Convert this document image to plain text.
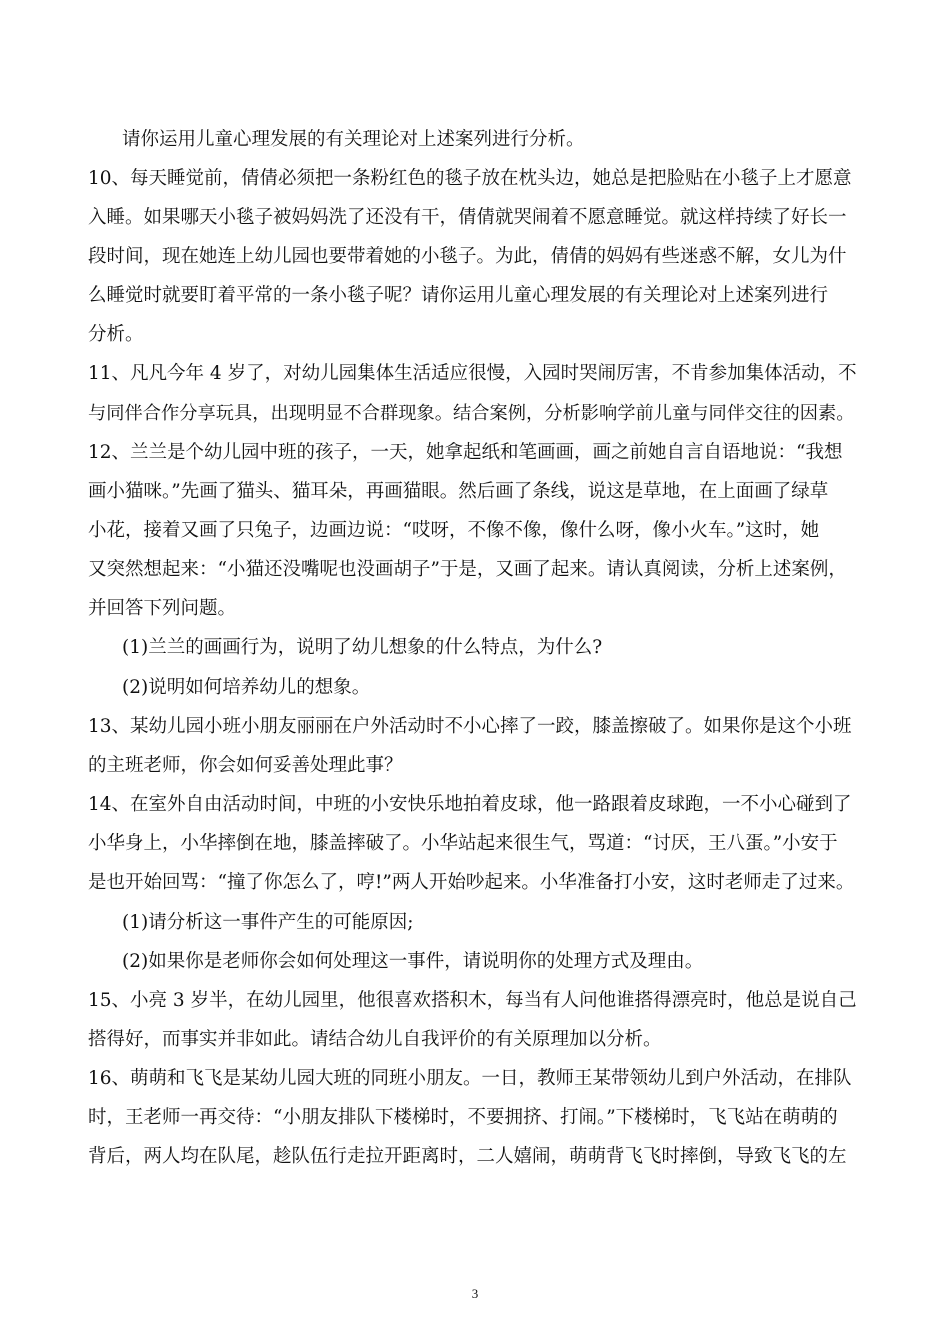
请你运用儿童心理发展的有关理论对上述案列进行分析。
10、每天睡觉前，倩倩必须把一条粉红色的毯子放在枕头边，她总是把脸贴在小毯子上才愿意
入睡。如果哪天小毯子被妈妈洗了还没有干，倩倩就哭闹着不愿意睡觉。就这样持续了好长一
段时间，现在她连上幼儿园也要带着她的小毯子。为此，倩倩的妈妈有些迷惑不解，女儿为什
么睡觉时就要盯着平常的一条小毯子呢？请你运用儿童心理发展的有关理论对上述案列进行
分析。
11、凡凡今年 4 岁了，对幼儿园集体生活适应很慢，入园时哭闹厉害，不肯参加集体活动，不
与同伴合作分享玩具，出现明显不合群现象。结合案例，分析影响学前儿童与同伴交往的因素。
12、兰兰是个幼儿园中班的孩子，一天，她拿起纸和笔画画，画之前她自言自语地说：“我想
画小猫咪。”先画了猫头、猫耳朵，再画猫眼。然后画了条线，说这是草地，在上面画了绿草
小花，接着又画了只兔子，边画边说：“哎呀，不像不像，像什么呀，像小火车。”这时，她
又突然想起来：“小猫还没嘴呢也没画胡子”于是，又画了起来。请认真阅读，分析上述案例，
并回答下列问题。
(1)兰兰的画画行为，说明了幼儿想象的什么特点，为什么?
(2)说明如何培养幼儿的想象。
13、某幼儿园小班小朋友丽丽在户外活动时不小心摔了一跤，膝盖擦破了。如果你是这个小班
的主班老师，你会如何妥善处理此事？
14、在室外自由活动时间，中班的小安快乐地拍着皮球，他一路跟着皮球跑，一不小心碰到了
小华身上，小华摔倒在地，膝盖摔破了。小华站起来很生气，骂道：“讨厌，王八蛋。”小安于
是也开始回骂：“撞了你怎么了，哼!”两人开始吵起来。小华准备打小安，这时老师走了过来。
(1)请分析这一事件产生的可能原因;
(2)如果你是老师你会如何处理这一事件，请说明你的处理方式及理由。
15、小亮 3 岁半，在幼儿园里，他很喜欢搭积木，每当有人问他谁搭得漂亮时，他总是说自己
搭得好，而事实并非如此。请结合幼儿自我评价的有关原理加以分析。
16、萌萌和飞飞是某幼儿园大班的同班小朋友。一日，教师王某带领幼儿到户外活动，在排队
时，王老师一再交待：“小朋友排队下楼梯时，不要拥挤、打闹。”下楼梯时，飞飞站在萌萌的
背后，两人均在队尾，趁队伍行走拉开距离时，二人嬉闹，萌萌背飞飞时摔倒，导致飞飞的左
3
